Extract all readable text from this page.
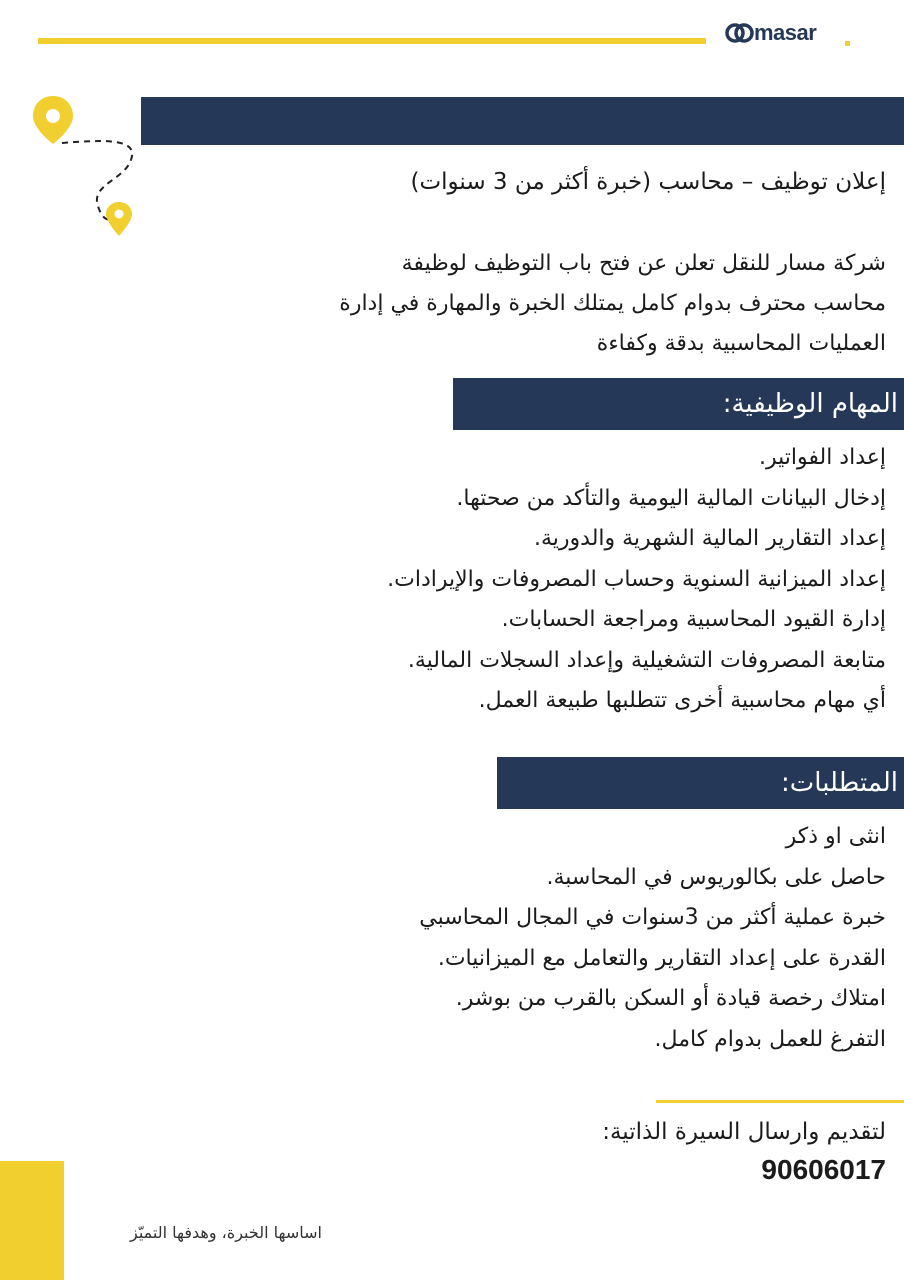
masar
إعلان توظيف – محاسب (خبرة أكثر من 3 سنوات)
شركة مسار للنقل تعلن عن فتح باب التوظيف لوظيفة
محاسب محترف بدوام كامل يمتلك الخبرة والمهارة في إدارة
العمليات المحاسبية بدقة وكفاءة
المهام الوظيفية:
إعداد الفواتير.
إدخال البيانات المالية اليومية والتأكد من صحتها.
إعداد التقارير المالية الشهرية والدورية.
إعداد الميزانية السنوية وحساب المصروفات والإيرادات.
إدارة القيود المحاسبية ومراجعة الحسابات.
متابعة المصروفات التشغيلية وإعداد السجلات المالية.
أي مهام محاسبية أخرى تتطلبها طبيعة العمل.
المتطلبات:
انثى او ذكر
حاصل على بكالوريوس في المحاسبة.
خبرة عملية أكثر من 3سنوات في المجال المحاسبي
القدرة على إعداد التقارير والتعامل مع الميزانيات.
امتلاك رخصة قيادة أو السكن بالقرب من بوشر.
التفرغ للعمل بدوام كامل.
لتقديم وارسال السيرة الذاتية:
90606017
اساسها الخبرة، وهدفها التميّز
